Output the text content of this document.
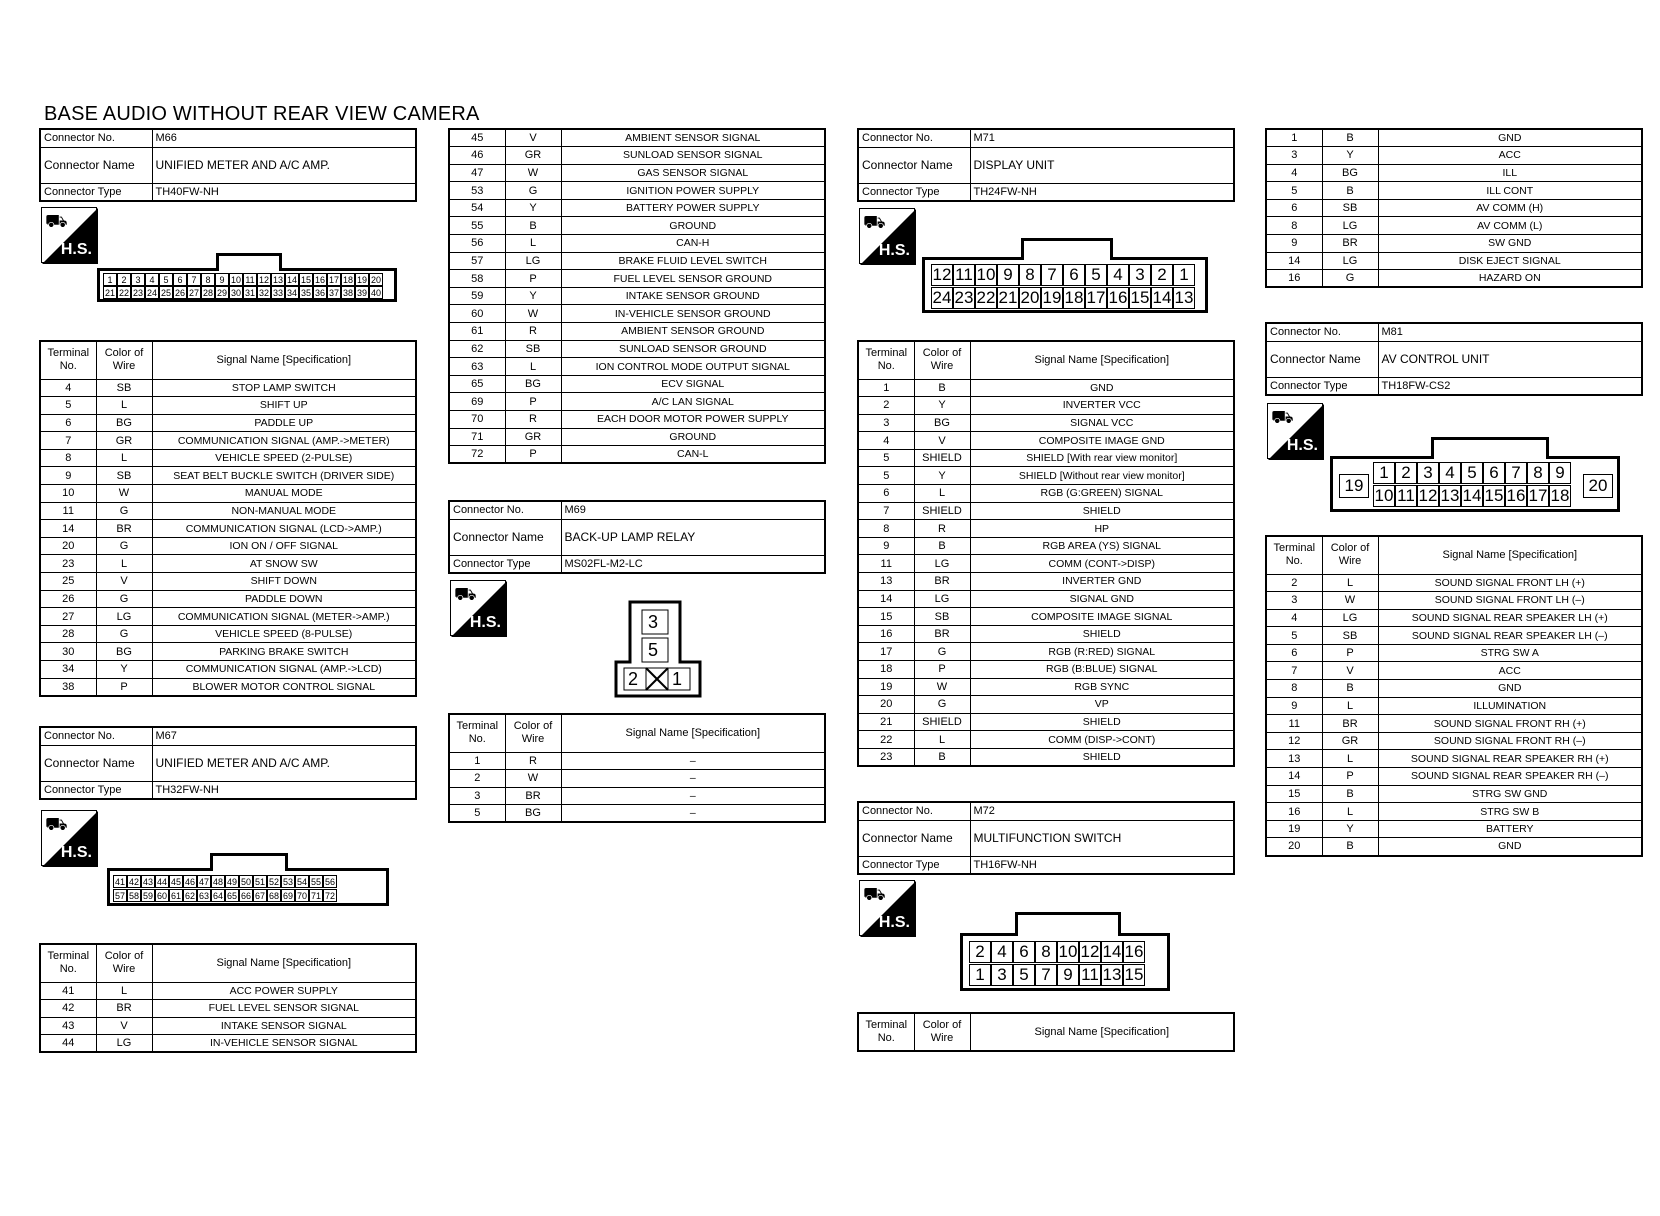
BASE AUDIO WITHOUT REAR VIEW CAMERA
Connector No.	M66
Connector Name	UNIFIED METER AND A/C AMP.
Connector Type	TH40FW-NH
⛟
H.S.
1 2 3 4 5 6 7 8 9 10 11 12 13 14 15 16 17 18 19 20
21 22 23 24 25 26 27 28 29 30 31 32 33 34 35 36 37 38 39 40
Terminal No.	Color of Wire	Signal Name [Specification]
4	SB	STOP LAMP SWITCH
5	L	SHIFT UP
6	BG	PADDLE UP
7	GR	COMMUNICATION SIGNAL (AMP.->METER)
8	L	VEHICLE SPEED (2-PULSE)
9	SB	SEAT BELT BUCKLE SWITCH (DRIVER SIDE)
10	W	MANUAL MODE
11	G	NON-MANUAL MODE
14	BR	COMMUNICATION SIGNAL (LCD->AMP.)
20	G	ION ON / OFF SIGNAL
23	L	AT SNOW SW
25	V	SHIFT DOWN
26	G	PADDLE DOWN
27	LG	COMMUNICATION SIGNAL (METER->AMP.)
28	G	VEHICLE SPEED (8-PULSE)
30	BG	PARKING BRAKE SWITCH
34	Y	COMMUNICATION SIGNAL (AMP.->LCD)
38	P	BLOWER MOTOR CONTROL SIGNAL
Connector No.	M67
Connector Name	UNIFIED METER AND A/C AMP.
Connector Type	TH32FW-NH
⛟
H.S.
41 42 43 44 45 46 47 48 49 50 51 52 53 54 55 56
57 58 59 60 61 62 63 64 65 66 67 68 69 70 71 72
Terminal No.	Color of Wire	Signal Name [Specification]
41	L	ACC POWER SUPPLY
42	BR	FUEL LEVEL SENSOR SIGNAL
43	V	INTAKE SENSOR SIGNAL
44	LG	IN-VEHICLE SENSOR SIGNAL
45	V	AMBIENT SENSOR SIGNAL
46	GR	SUNLOAD SENSOR SIGNAL
47	W	GAS SENSOR SIGNAL
53	G	IGNITION POWER SUPPLY
54	Y	BATTERY POWER SUPPLY
55	B	GROUND
56	L	CAN-H
57	LG	BRAKE FLUID LEVEL SWITCH
58	P	FUEL LEVEL SENSOR GROUND
59	Y	INTAKE SENSOR GROUND
60	W	IN-VEHICLE SENSOR GROUND
61	R	AMBIENT SENSOR GROUND
62	SB	SUNLOAD SENSOR GROUND
63	L	ION CONTROL MODE OUTPUT SIGNAL
65	BG	ECV SIGNAL
69	P	A/C LAN SIGNAL
70	R	EACH DOOR MOTOR POWER SUPPLY
71	GR	GROUND
72	P	CAN-L
Connector No.	M69
Connector Name	BACK-UP LAMP RELAY
Connector Type	MS02FL-M2-LC
⛟
H.S.	3
5
2 1
Terminal No.	Color of Wire	Signal Name [Specification]
1	R	–
2	W	–
3	BR	–
5	BG	–
Connector No.	M71
Connector Name	DISPLAY UNIT
Connector Type	TH24FW-NH
⛟
H.S.
12 11 10 9 8 7 6 5 4 3 2 1
24 23 22 21 20 19 18 17 16 15 14 13
Terminal No.	Color of Wire	Signal Name [Specification]
1	B	GND
2	Y	INVERTER VCC
3	BG	SIGNAL VCC
4	V	COMPOSITE IMAGE GND
5	SHIELD	SHIELD [With rear view monitor]
5	Y	SHIELD [Without rear view monitor]
6	L	RGB (G:GREEN) SIGNAL
7	SHIELD	SHIELD
8	R	HP
9	B	RGB AREA (YS) SIGNAL
11	LG	COMM (CONT->DISP)
13	BR	INVERTER GND
14	LG	SIGNAL GND
15	SB	COMPOSITE IMAGE SIGNAL
16	BR	SHIELD
17	G	RGB (R:RED) SIGNAL
18	P	RGB (B:BLUE) SIGNAL
19	W	RGB SYNC
20	G	VP
21	SHIELD	SHIELD
22	L	COMM (DISP->CONT)
23	B	SHIELD
Connector No.	M72
Connector Name	MULTIFUNCTION SWITCH
Connector Type	TH16FW-NH
⛟
H.S.
2 4 6 8 10 12 14 16
1 3 5 7 9 11 13 15
Terminal No.	Color of Wire	Signal Name [Specification]
1	B	GND
3	Y	ACC
4	BG	ILL
5	B	ILL CONT
6	SB	AV COMM (H)
8	LG	AV COMM (L)
9	BR	SW GND
14	LG	DISK EJECT SIGNAL
16	G	HAZARD ON
Connector No.	M81
Connector Name	AV CONTROL UNIT
Connector Type	TH18FW-CS2
⛟
H.S.
19
1 2 3 4 5 6 7 8 9
10 11 12 13 14 15 16 17 18
20
Terminal No.	Color of Wire	Signal Name [Specification]
2	L	SOUND SIGNAL FRONT LH (+)
3	W	SOUND SIGNAL FRONT LH (–)
4	LG	SOUND SIGNAL REAR SPEAKER LH (+)
5	SB	SOUND SIGNAL REAR SPEAKER LH (–)
6	P	STRG SW A
7	V	ACC
8	B	GND
9	L	ILLUMINATION
11	BR	SOUND SIGNAL FRONT RH (+)
12	GR	SOUND SIGNAL FRONT RH (–)
13	L	SOUND SIGNAL REAR SPEAKER RH (+)
14	P	SOUND SIGNAL REAR SPEAKER RH (–)
15	B	STRG SW GND
16	L	STRG SW B
19	Y	BATTERY
20	B	GND
